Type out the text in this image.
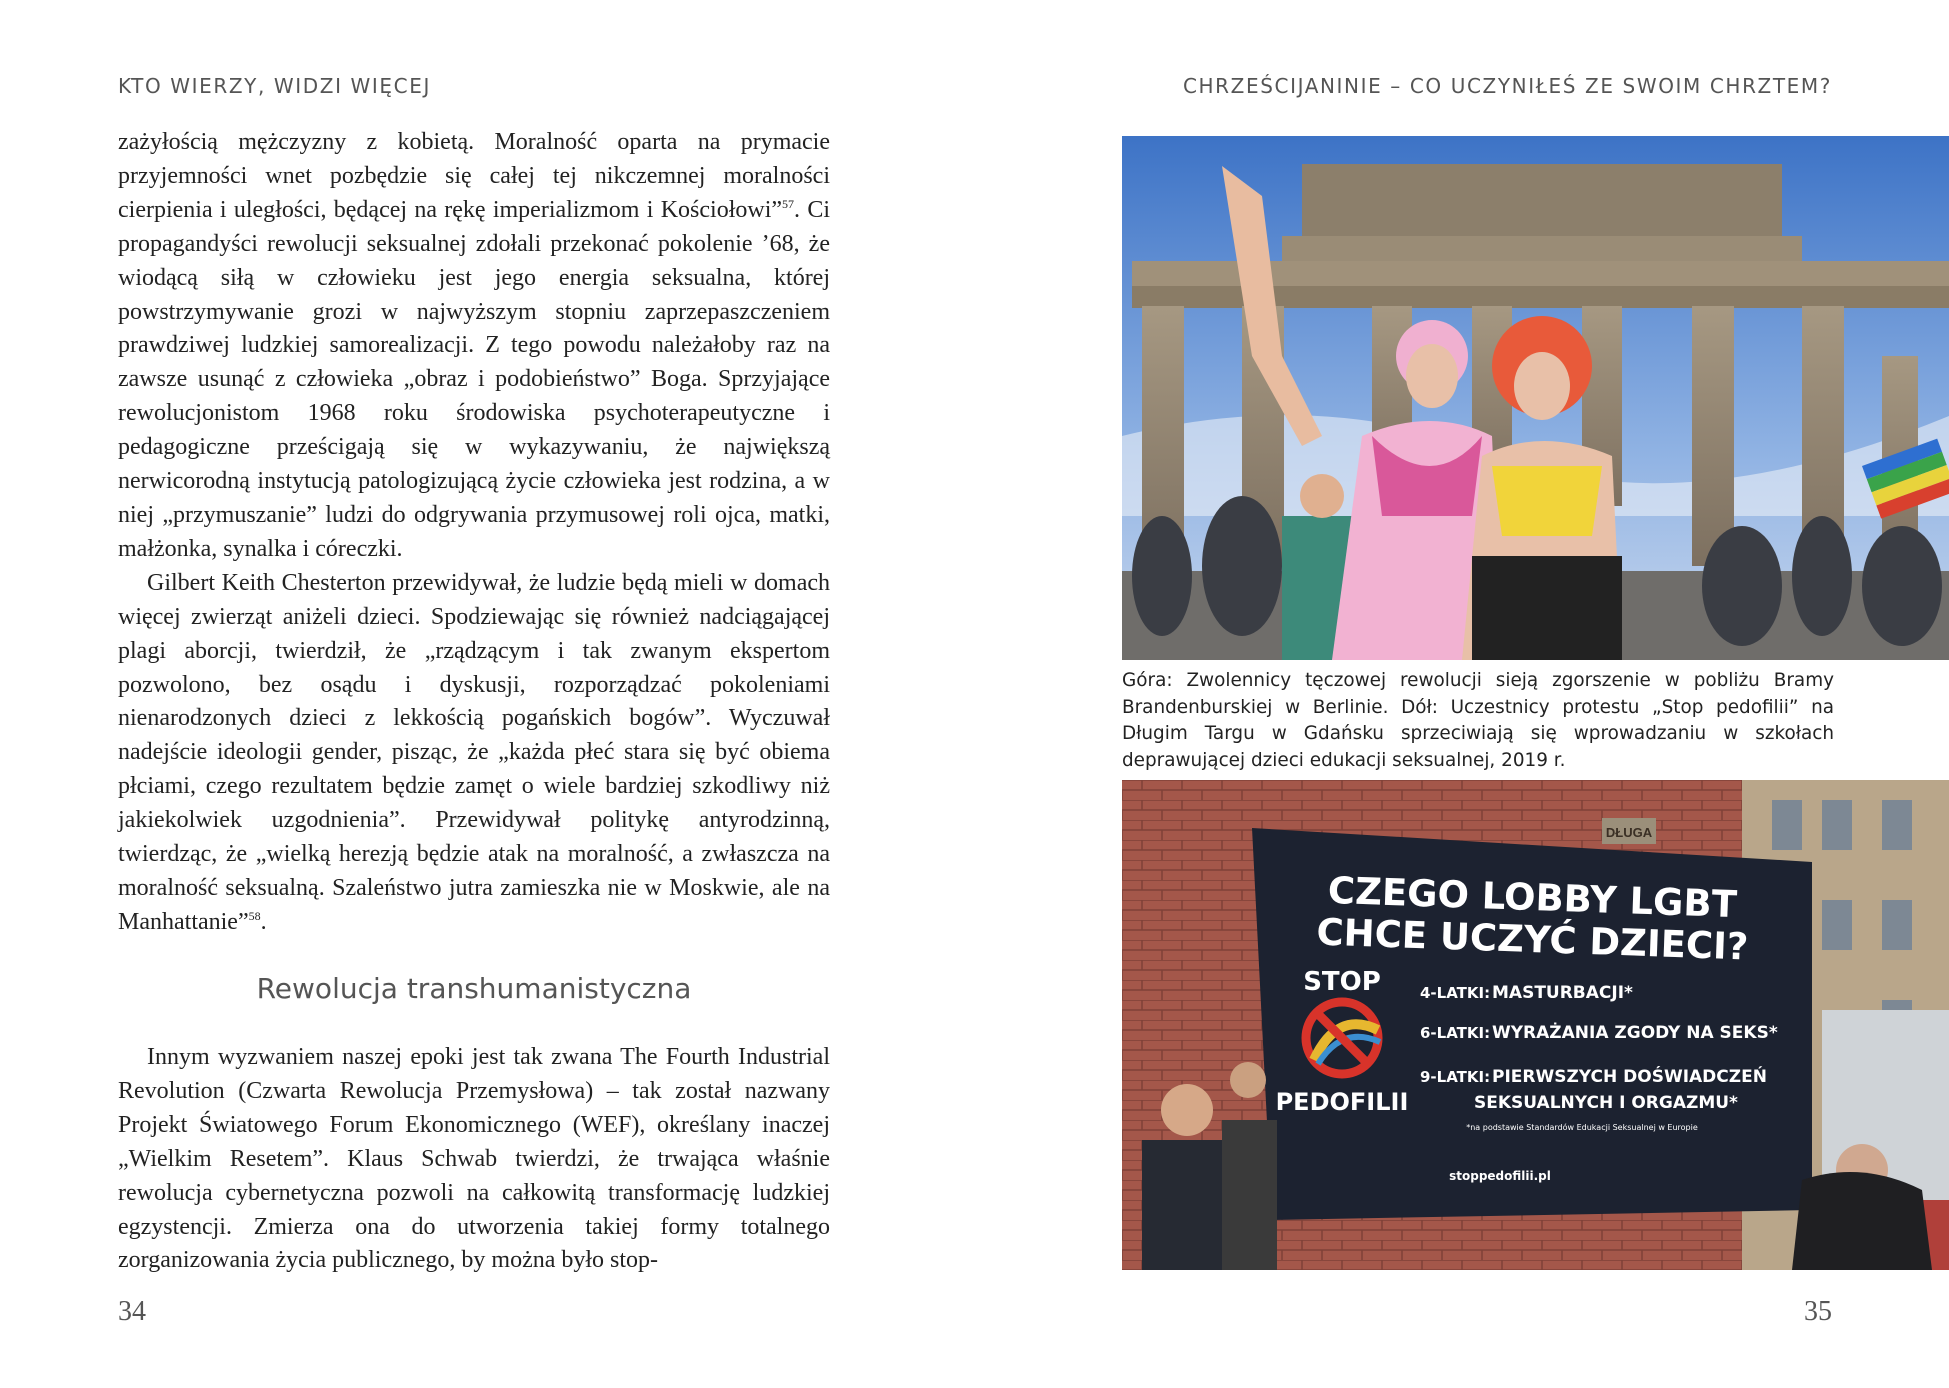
KTO WIERZY, WIDZI WIĘCEJ

zażyłością mężczyzny z kobietą. Moralność oparta na prymacie przyjemności wnet pozbędzie się całej tej nikczemnej moralności cierpienia i uległości, będącej na rękę imperializmom i Kościołowi”$^{57}$. Ci propagandyści rewolucji seksualnej zdołali przekonać pokolenie ’68, że wiodącą siłą w człowieku jest jego energia seksualna, której powstrzymywanie grozi w najwyższym stopniu zaprzepaszczeniem prawdziwej ludzkiej samorealizacji. Z tego powodu należałoby raz na zawsze usunąć z człowieka „obraz i podobieństwo” Boga. Sprzyjające rewolucjonistom 1968 roku środowiska psychoterapeutyczne i pedagogiczne prześcigają się w wykazywaniu, że największą nerwicorodną instytucją patologizującą życie człowieka jest rodzina, a w niej „przymuszanie” ludzi do odgrywania przymusowej roli ojca, matki, małżonka, synalka i córeczki.

Gilbert Keith Chesterton przewidywał, że ludzie będą mieli w domach więcej zwierząt aniżeli dzieci. Spodziewając się również nadciągającej plagi aborcji, twierdził, że „rządzącym i tak zwanym ekspertom pozwolono, bez osądu i dyskusji, rozporządzać pokoleniami nienarodzonych dzieci z lekkością pogańskich bogów”. Wyczuwał nadejście ideologii gender, pisząc, że „każda płeć stara się być obiema płciami, czego rezultatem będzie zamęt o wiele bardziej szkodliwy niż jakiekolwiek uzgodnienia”. Przewidywał politykę antyrodzinną, twierdząc, że „wielką herezją będzie atak na moralność, a zwłaszcza na moralność seksualną. Szaleństwo jutra zamieszka nie w Moskwie, ale na Manhattanie”$^{58}$.

Rewolucja transhumanistyczna

Innym wyzwaniem naszej epoki jest tak zwana The Fourth Industrial Revolution (Czwarta Rewolucja Przemysłowa) – tak został nazwany Projekt Światowego Forum Ekonomicznego (WEF), określany inaczej „Wielkim Resetem”. Klaus Schwab twierdzi, że trwająca właśnie rewolucja cybernetyczna pozwoli na całkowitą transformację ludzkiej egzystencji. Zmierza ona do utworzenia takiej formy totalnego zorganizowania życia publicznego, by można było stop-

34
CHRZEŚCIJANINIE – CO UCZYNIŁEŚ ZE SWOIM CHRZTEM?

Góra: Zwolennicy tęczowej rewolucji sieją zgorszenie w pobliżu Bramy Brandenburskiej w Berlinie. Dół: Uczestnicy protestu „Stop pedofilii” na Długim Targu w Gdańsku sprzeciwiają się wprowadzaniu w szkołach deprawującej dzieci edukacji seksualnej, 2019 r.

DŁUGA
CZEGO LOBBY LGBT
CHCE UCZYĆ DZIECI?
STOP
PEDOFILII
4-LATKI: MASTURBACJI*
6-LATKI: WYRAŻANIA ZGODY NA SEKS*
9-LATKI: PIERWSZYCH DOŚWIADCZEŃ
SEKSUALNYCH I ORGAZMU*
*na podstawie Standardów Edukacji Seksualnej w Europie
stoppedofilii.pl
35
